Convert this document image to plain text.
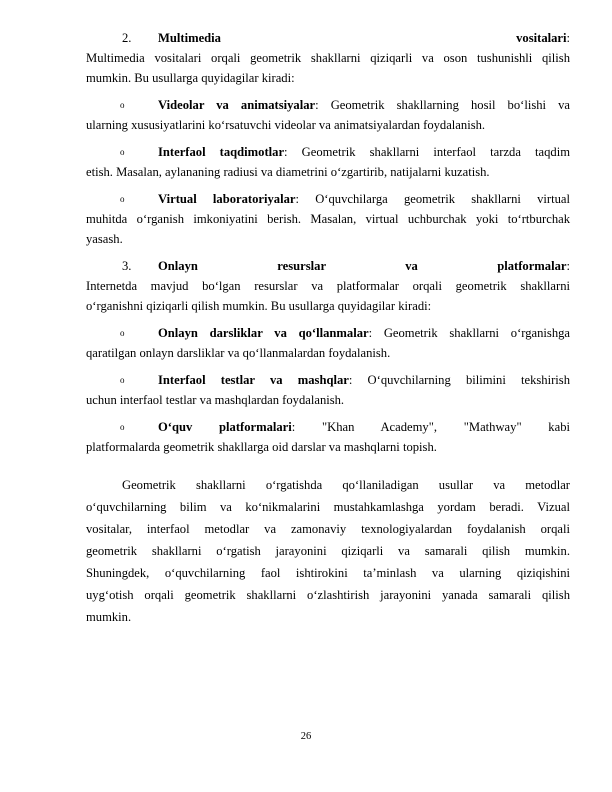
2. Multimedia vositalari:
Multimedia vositalari orqali geometrik shakllarni qiziqarli va oson tushunishli qilish
mumkin. Bu usullarga quyidagilar kiradi:
o	Videolar va animatsiyalar: Geometrik shakllarning hosil bo‘lishi va
ularning xususiyatlarini ko‘rsatuvchi videolar va animatsiyalardan foydalanish.
o	Interfaol taqdimotlar: Geometrik shakllarni interfaol tarzda taqdim
etish. Masalan, aylananing radiusi va diametrini o‘zgartirib, natijalarni kuzatish.
o	Virtual laboratoriyalar: O‘quvchilarga geometrik shakllarni virtual
muhitda o‘rganish imkoniyatini berish. Masalan, virtual uchburchak yoki to‘rtburchak
yasash.
3. Onlayn resurslar va platformalar:
Internetda mavjud bo‘lgan resurslar va platformalar orqali geometrik shakllarni
o‘rganishni qiziqarli qilish mumkin. Bu usullarga quyidagilar kiradi:
o	Onlayn darsliklar va qo‘llanmalar: Geometrik shakllarni o‘rganishga
qaratilgan onlayn darsliklar va qo‘llanmalardan foydalanish.
o	Interfaol testlar va mashqlar: O‘quvchilarning bilimini tekshirish
uchun interfaol testlar va mashqlardan foydalanish.
o	O‘quv platformalari: "Khan Academy", "Mathway" kabi
platformalarda geometrik shakllarga oid darslar va mashqlarni topish.
Geometrik shakllarni o‘rgatishda qo‘llaniladigan usullar va metodlar
o‘quvchilarning bilim va ko‘nikmalarini mustahkamlashga yordam beradi. Vizual
vositalar, interfaol metodlar va zamonaviy texnologiyalardan foydalanish orqali
geometrik shakllarni o‘rgatish jarayonini qiziqarli va samarali qilish mumkin.
Shuningdek, o‘quvchilarning faol ishtirokini ta’minlash va ularning qiziqishini
uyg‘otish orqali geometrik shakllarni o‘zlashtirish jarayonini yanada samarali qilish
mumkin.
26
